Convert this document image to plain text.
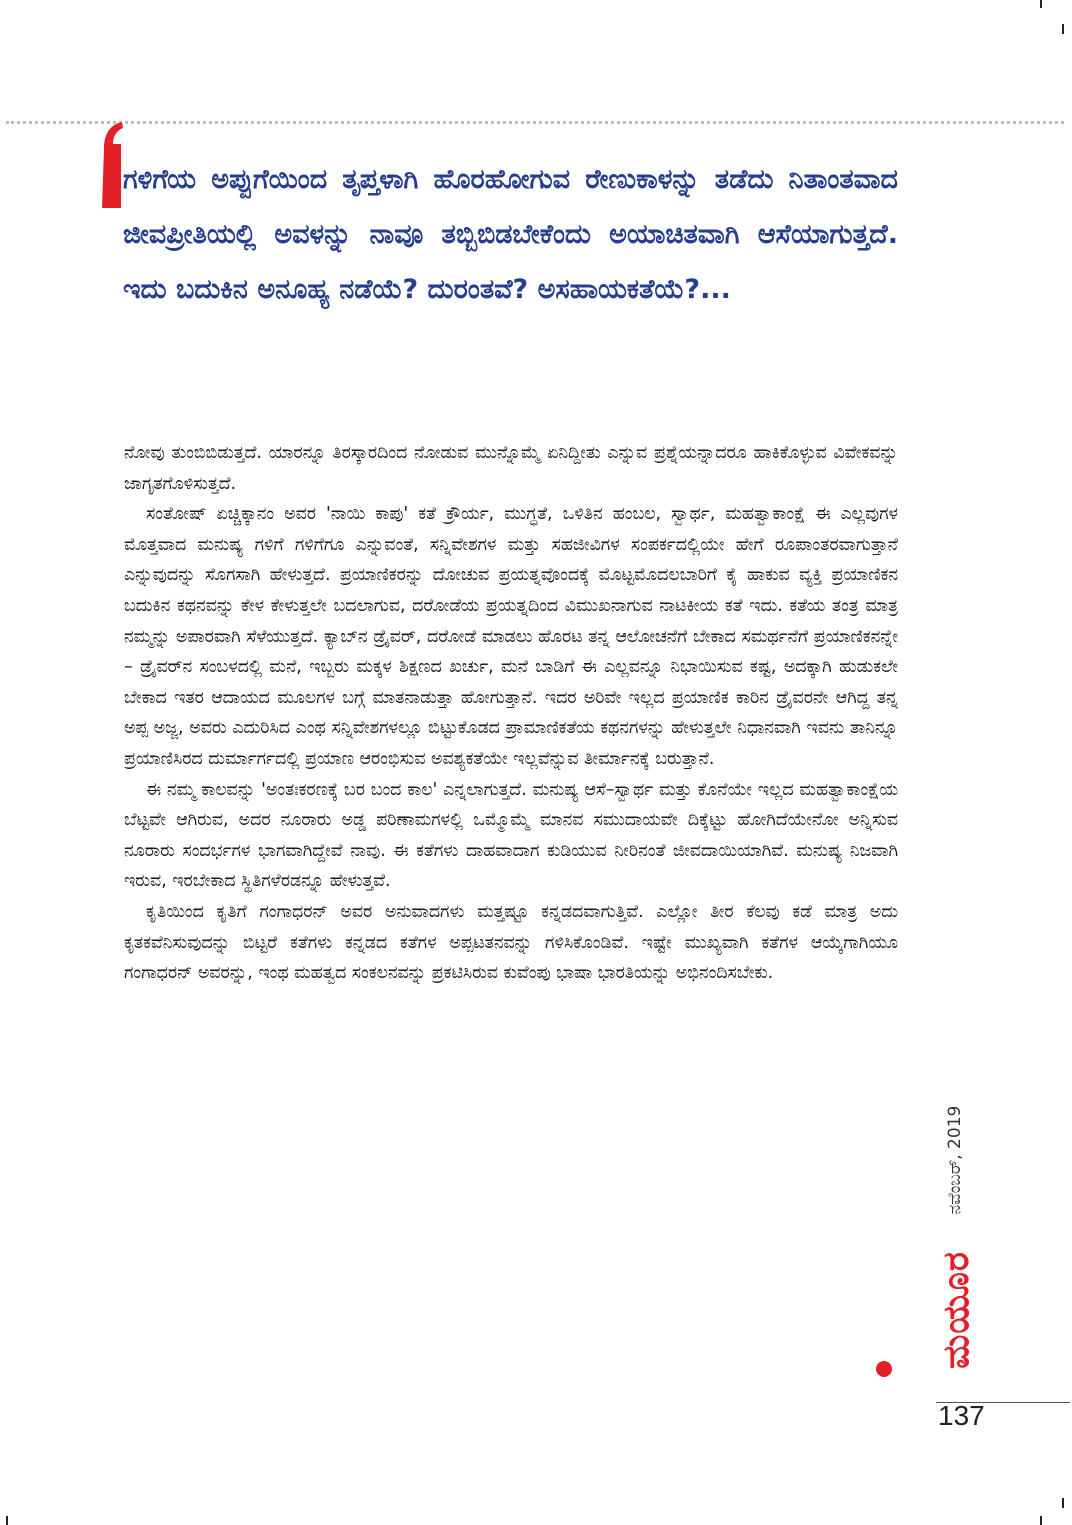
ಗಳಿಗೆಯ ಅಪ್ಪುಗೆಯಿಂದ ತೃಪ್ತಳಾಗಿ ಹೊರಹೋಗುವ ರೇಣುಕಾಳನ್ನು ತಡೆದು ನಿತಾಂತವಾದ ಜೀವಪ್ರೀತಿಯಲ್ಲಿ ಅವಳನ್ನು ನಾವೂ ತಬ್ಬಿಬಿಡಬೇಕೆಂದು ಅಯಾಚಿತವಾಗಿ ಆಸೆಯಾಗುತ್ತದೆ. ಇದು ಬದುಕಿನ ಅನೂಹ್ಯ ನಡೆಯೆ? ದುರಂತವೆ? ಅಸಹಾಯಕತೆಯೆ?...

ನೋವು ತುಂಬಿಬಿಡುತ್ತದೆ. ಯಾರನ್ನೂ ತಿರಸ್ಕಾರದಿಂದ ನೋಡುವ ಮುನ್ನೊಮ್ಮೆ ಏನಿದ್ದೀತು ಎನ್ನುವ ಪ್ರಶ್ನೆಯನ್ನಾದರೂ ಹಾಕಿಕೊಳ್ಳುವ ವಿವೇಕವನ್ನು ಜಾಗೃತಗೊಳಿಸುತ್ತದೆ.

ಸಂತೋಷ್ ಏಚ್ಚಿಕ್ಕಾನಂ ಅವರ 'ನಾಯಿ ಕಾಪು' ಕತೆ ಕ್ರೌರ್ಯ, ಮುಗ್ಧತೆ, ಒಳಿತಿನ ಹಂಬಲ, ಸ್ವಾರ್ಥ, ಮಹತ್ವಾಕಾಂಕ್ಷೆ ಈ ಎಲ್ಲವುಗಳ ಮೊತ್ತವಾದ ಮನುಷ್ಯ ಗಳಿಗೆ ಗಳಿಗೆಗೂ ಎನ್ನುವಂತೆ, ಸನ್ನಿವೇಶಗಳ ಮತ್ತು ಸಹಜೀವಿಗಳ ಸಂಪರ್ಕದಲ್ಲಿಯೇ ಹೇಗೆ ರೂಪಾಂತರವಾಗುತ್ತಾನೆ ಎನ್ನುವುದನ್ನು ಸೊಗಸಾಗಿ ಹೇಳುತ್ತದೆ. ಪ್ರಯಾಣಿಕರನ್ನು ದೋಚುವ ಪ್ರಯತ್ನವೊಂದಕ್ಕೆ ಮೊಟ್ಟಮೊದಲಬಾರಿಗೆ ಕೈ ಹಾಕುವ ವ್ಯಕ್ತಿ ಪ್ರಯಾಣಿಕನ ಬದುಕಿನ ಕಥನವನ್ನು ಕೇಳ ಕೇಳುತ್ತಲೇ ಬದಲಾಗುವ, ದರೋಡೆಯ ಪ್ರಯತ್ನದಿಂದ ವಿಮುಖನಾಗುವ ನಾಟಕೀಯ ಕತೆ ಇದು. ಕತೆಯ ತಂತ್ರ ಮಾತ್ರ ನಮ್ಮನ್ನು ಅಪಾರವಾಗಿ ಸೆಳೆಯುತ್ತದೆ. ಕ್ಯಾಬ್‌ನ ಡ್ರೈವರ್, ದರೋಡೆ ಮಾಡಲು ಹೊರಟ ತನ್ನ ಆಲೋಚನೆಗೆ ಬೇಕಾದ ಸಮರ್ಥನೆಗೆ ಪ್ರಯಾಣಿಕನನ್ನೇ – ಡ್ರೈವರ್‌ನ ಸಂಬಳದಲ್ಲಿ ಮನೆ, ಇಬ್ಬರು ಮಕ್ಕಳ ಶಿಕ್ಷಣದ ಖರ್ಚು, ಮನೆ ಬಾಡಿಗೆ ಈ ಎಲ್ಲವನ್ನೂ ನಿಭಾಯಿಸುವ ಕಷ್ಟ, ಅದಕ್ಕಾಗಿ ಹುಡುಕಲೇ ಬೇಕಾದ ಇತರ ಆದಾಯದ ಮೂಲಗಳ ಬಗ್ಗೆ ಮಾತನಾಡುತ್ತಾ ಹೋಗುತ್ತಾನೆ. ಇದರ ಅರಿವೇ ಇಲ್ಲದ ಪ್ರಯಾಣಿಕ ಕಾರಿನ ಡ್ರೈವರನೇ ಆಗಿದ್ದ ತನ್ನ ಅಪ್ಪ ಅಜ್ಜ, ಅವರು ಎದುರಿಸಿದ ಎಂಥ ಸನ್ನಿವೇಶಗಳಲ್ಲೂ ಬಿಟ್ಟುಕೊಡದ ಪ್ರಾಮಾಣಿಕತೆಯ ಕಥನಗಳನ್ನು ಹೇಳುತ್ತಲೇ ನಿಧಾನವಾಗಿ ಇವನು ತಾನಿನ್ನೂ ಪ್ರಯಾಣಿಸಿರದ ದುರ್ಮಾರ್ಗದಲ್ಲಿ ಪ್ರಯಾಣ ಆರಂಭಿಸುವ ಅವಶ್ಯಕತೆಯೇ ಇಲ್ಲವೆನ್ನುವ ತೀರ್ಮಾನಕ್ಕೆ ಬರುತ್ತಾನೆ.

ಈ ನಮ್ಮ ಕಾಲವನ್ನು 'ಅಂತಃಕರಣಕ್ಕೆ ಬರ ಬಂದ ಕಾಲ' ಎನ್ನಲಾಗುತ್ತದೆ. ಮನುಷ್ಯ ಆಸೆ–ಸ್ವಾರ್ಥ ಮತ್ತು ಕೊನೆಯೇ ಇಲ್ಲದ ಮಹತ್ವಾಕಾಂಕ್ಷೆಯ ಬೆಟ್ಟವೇ ಆಗಿರುವ, ಅದರ ನೂರಾರು ಅಡ್ಡ ಪರಿಣಾಮಗಳಲ್ಲಿ ಒಮ್ಮೊಮ್ಮೆ ಮಾನವ ಸಮುದಾಯವೇ ದಿಕ್ಕೆಟ್ಟು ಹೋಗಿದೆಯೇನೋ ಅನ್ನಿಸುವ ನೂರಾರು ಸಂದರ್ಭಗಳ ಭಾಗವಾಗಿದ್ದೇವೆ ನಾವು. ಈ ಕತೆಗಳು ದಾಹವಾದಾಗ ಕುಡಿಯುವ ನೀರಿನಂತೆ ಜೀವದಾಯಿಯಾಗಿವೆ. ಮನುಷ್ಯ ನಿಜವಾಗಿ ಇರುವ, ಇರಬೇಕಾದ ಸ್ಥಿತಿಗಳೆರಡನ್ನೂ ಹೇಳುತ್ತವೆ.

ಕೃತಿಯಿಂದ ಕೃತಿಗೆ ಗಂಗಾಧರನ್ ಅವರ ಅನುವಾದಗಳು ಮತ್ತಷ್ಟೂ ಕನ್ನಡದವಾಗುತ್ತಿವೆ. ಎಲ್ಲೋ ತೀರ ಕೆಲವು ಕಡೆ ಮಾತ್ರ ಅದು ಕೃತಕವೆನಿಸುವುದನ್ನು ಬಿಟ್ಟರೆ ಕತೆಗಳು ಕನ್ನಡದ ಕತೆಗಳ ಅಪ್ಪಟತನವನ್ನು ಗಳಿಸಿಕೊಂಡಿವೆ. ಇಷ್ಟೇ ಮುಖ್ಯವಾಗಿ ಕತೆಗಳ ಆಯ್ಕೆಗಾಗಿಯೂ ಗಂಗಾಧರನ್ ಅವರನ್ನು, ಇಂಥ ಮಹತ್ವದ ಸಂಕಲನವನ್ನು ಪ್ರಕಟಿಸಿರುವ ಕುವೆಂಪು ಭಾಷಾ ಭಾರತಿಯನ್ನು ಅಭಿನಂದಿಸಬೇಕು.

ನವೆಂಬರ್, 2019
ಮಯೂರ
137
